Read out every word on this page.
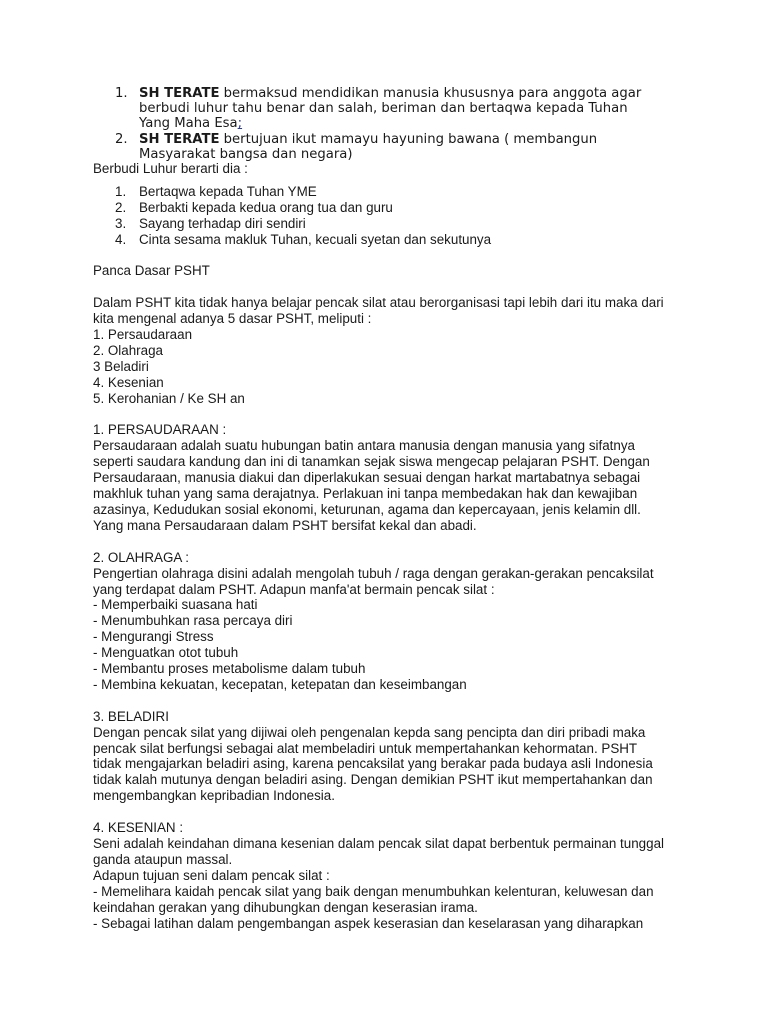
1. SH TERATE bermaksud mendidikan manusia khususnya para anggota agar
berbudi luhur tahu benar dan salah, beriman dan bertaqwa kepada Tuhan
Yang Maha Esa;
2. SH TERATE bertujuan ikut mamayu hayuning bawana ( membangun
Masyarakat bangsa dan negara)
Berbudi Luhur berarti dia :
1. Bertaqwa kepada Tuhan YME
2. Berbakti kepada kedua orang tua dan guru
3. Sayang terhadap diri sendiri
4. Cinta sesama makluk Tuhan, kecuali syetan dan sekutunya
Panca Dasar PSHT
Dalam PSHT kita tidak hanya belajar pencak silat atau berorganisasi tapi lebih dari itu maka dari
kita mengenal adanya 5 dasar PSHT, meliputi :
1. Persaudaraan
2. Olahraga
3 Beladiri
4. Kesenian
5. Kerohanian / Ke SH an
1. PERSAUDARAAN :
Persaudaraan adalah suatu hubungan batin antara manusia dengan manusia yang sifatnya
seperti saudara kandung dan ini di tanamkan sejak siswa mengecap pelajaran PSHT. Dengan
Persaudaraan, manusia diakui dan diperlakukan sesuai dengan harkat martabatnya sebagai
makhluk tuhan yang sama derajatnya. Perlakuan ini tanpa membedakan hak dan kewajiban
azasinya, Kedudukan sosial ekonomi, keturunan, agama dan kepercayaan, jenis kelamin dll.
Yang mana Persaudaraan dalam PSHT bersifat kekal dan abadi.
2. OLAHRAGA :
Pengertian olahraga disini adalah mengolah tubuh / raga dengan gerakan-gerakan pencaksilat
yang terdapat dalam PSHT. Adapun manfa'at bermain pencak silat :
- Memperbaiki suasana hati
- Menumbuhkan rasa percaya diri
- Mengurangi Stress
- Menguatkan otot tubuh
- Membantu proses metabolisme dalam tubuh
- Membina kekuatan, kecepatan, ketepatan dan keseimbangan
3. BELADIRI
Dengan pencak silat yang dijiwai oleh pengenalan kepda sang pencipta dan diri pribadi maka
pencak silat berfungsi sebagai alat membeladiri untuk mempertahankan kehormatan. PSHT
tidak mengajarkan beladiri asing, karena pencaksilat yang berakar pada budaya asli Indonesia
tidak kalah mutunya dengan beladiri asing. Dengan demikian PSHT ikut mempertahankan dan
mengembangkan kepribadian Indonesia.
4. KESENIAN :
Seni adalah keindahan dimana kesenian dalam pencak silat dapat berbentuk permainan tunggal
ganda ataupun massal.
Adapun tujuan seni dalam pencak silat :
- Memelihara kaidah pencak silat yang baik dengan menumbuhkan kelenturan, keluwesan dan
keindahan gerakan yang dihubungkan dengan keserasian irama.
- Sebagai latihan dalam pengembangan aspek keserasian dan keselarasan yang diharapkan
